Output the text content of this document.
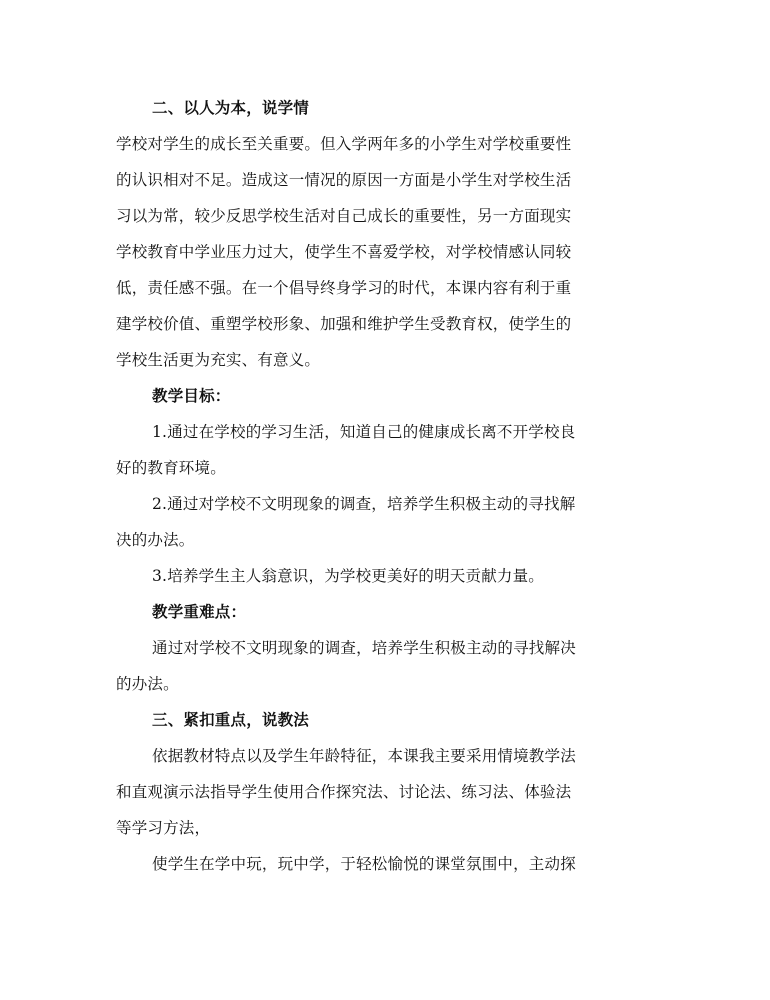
二、以人为本，说学情
学校对学生的成长至关重要。但入学两年多的小学生对学校重要性
的认识相对不足。造成这一情况的原因一方面是小学生对学校生活
习以为常，较少反思学校生活对自己成长的重要性，另一方面现实
学校教育中学业压力过大，使学生不喜爱学校，对学校情感认同较
低，责任感不强。在一个倡导终身学习的时代，本课内容有利于重
建学校价值、重塑学校形象、加强和维护学生受教育权，使学生的
学校生活更为充实、有意义。
教学目标：
1.通过在学校的学习生活，知道自己的健康成长离不开学校良
好的教育环境。
2.通过对学校不文明现象的调查，培养学生积极主动的寻找解
决的办法。
3.培养学生主人翁意识，为学校更美好的明天贡献力量。
教学重难点：
通过对学校不文明现象的调查，培养学生积极主动的寻找解决
的办法。
三、紧扣重点，说教法
依据教材特点以及学生年龄特征，本课我主要采用情境教学法
和直观演示法指导学生使用合作探究法、讨论法、练习法、体验法
等学习方法，
使学生在学中玩，玩中学，于轻松愉悦的课堂氛围中，主动探
